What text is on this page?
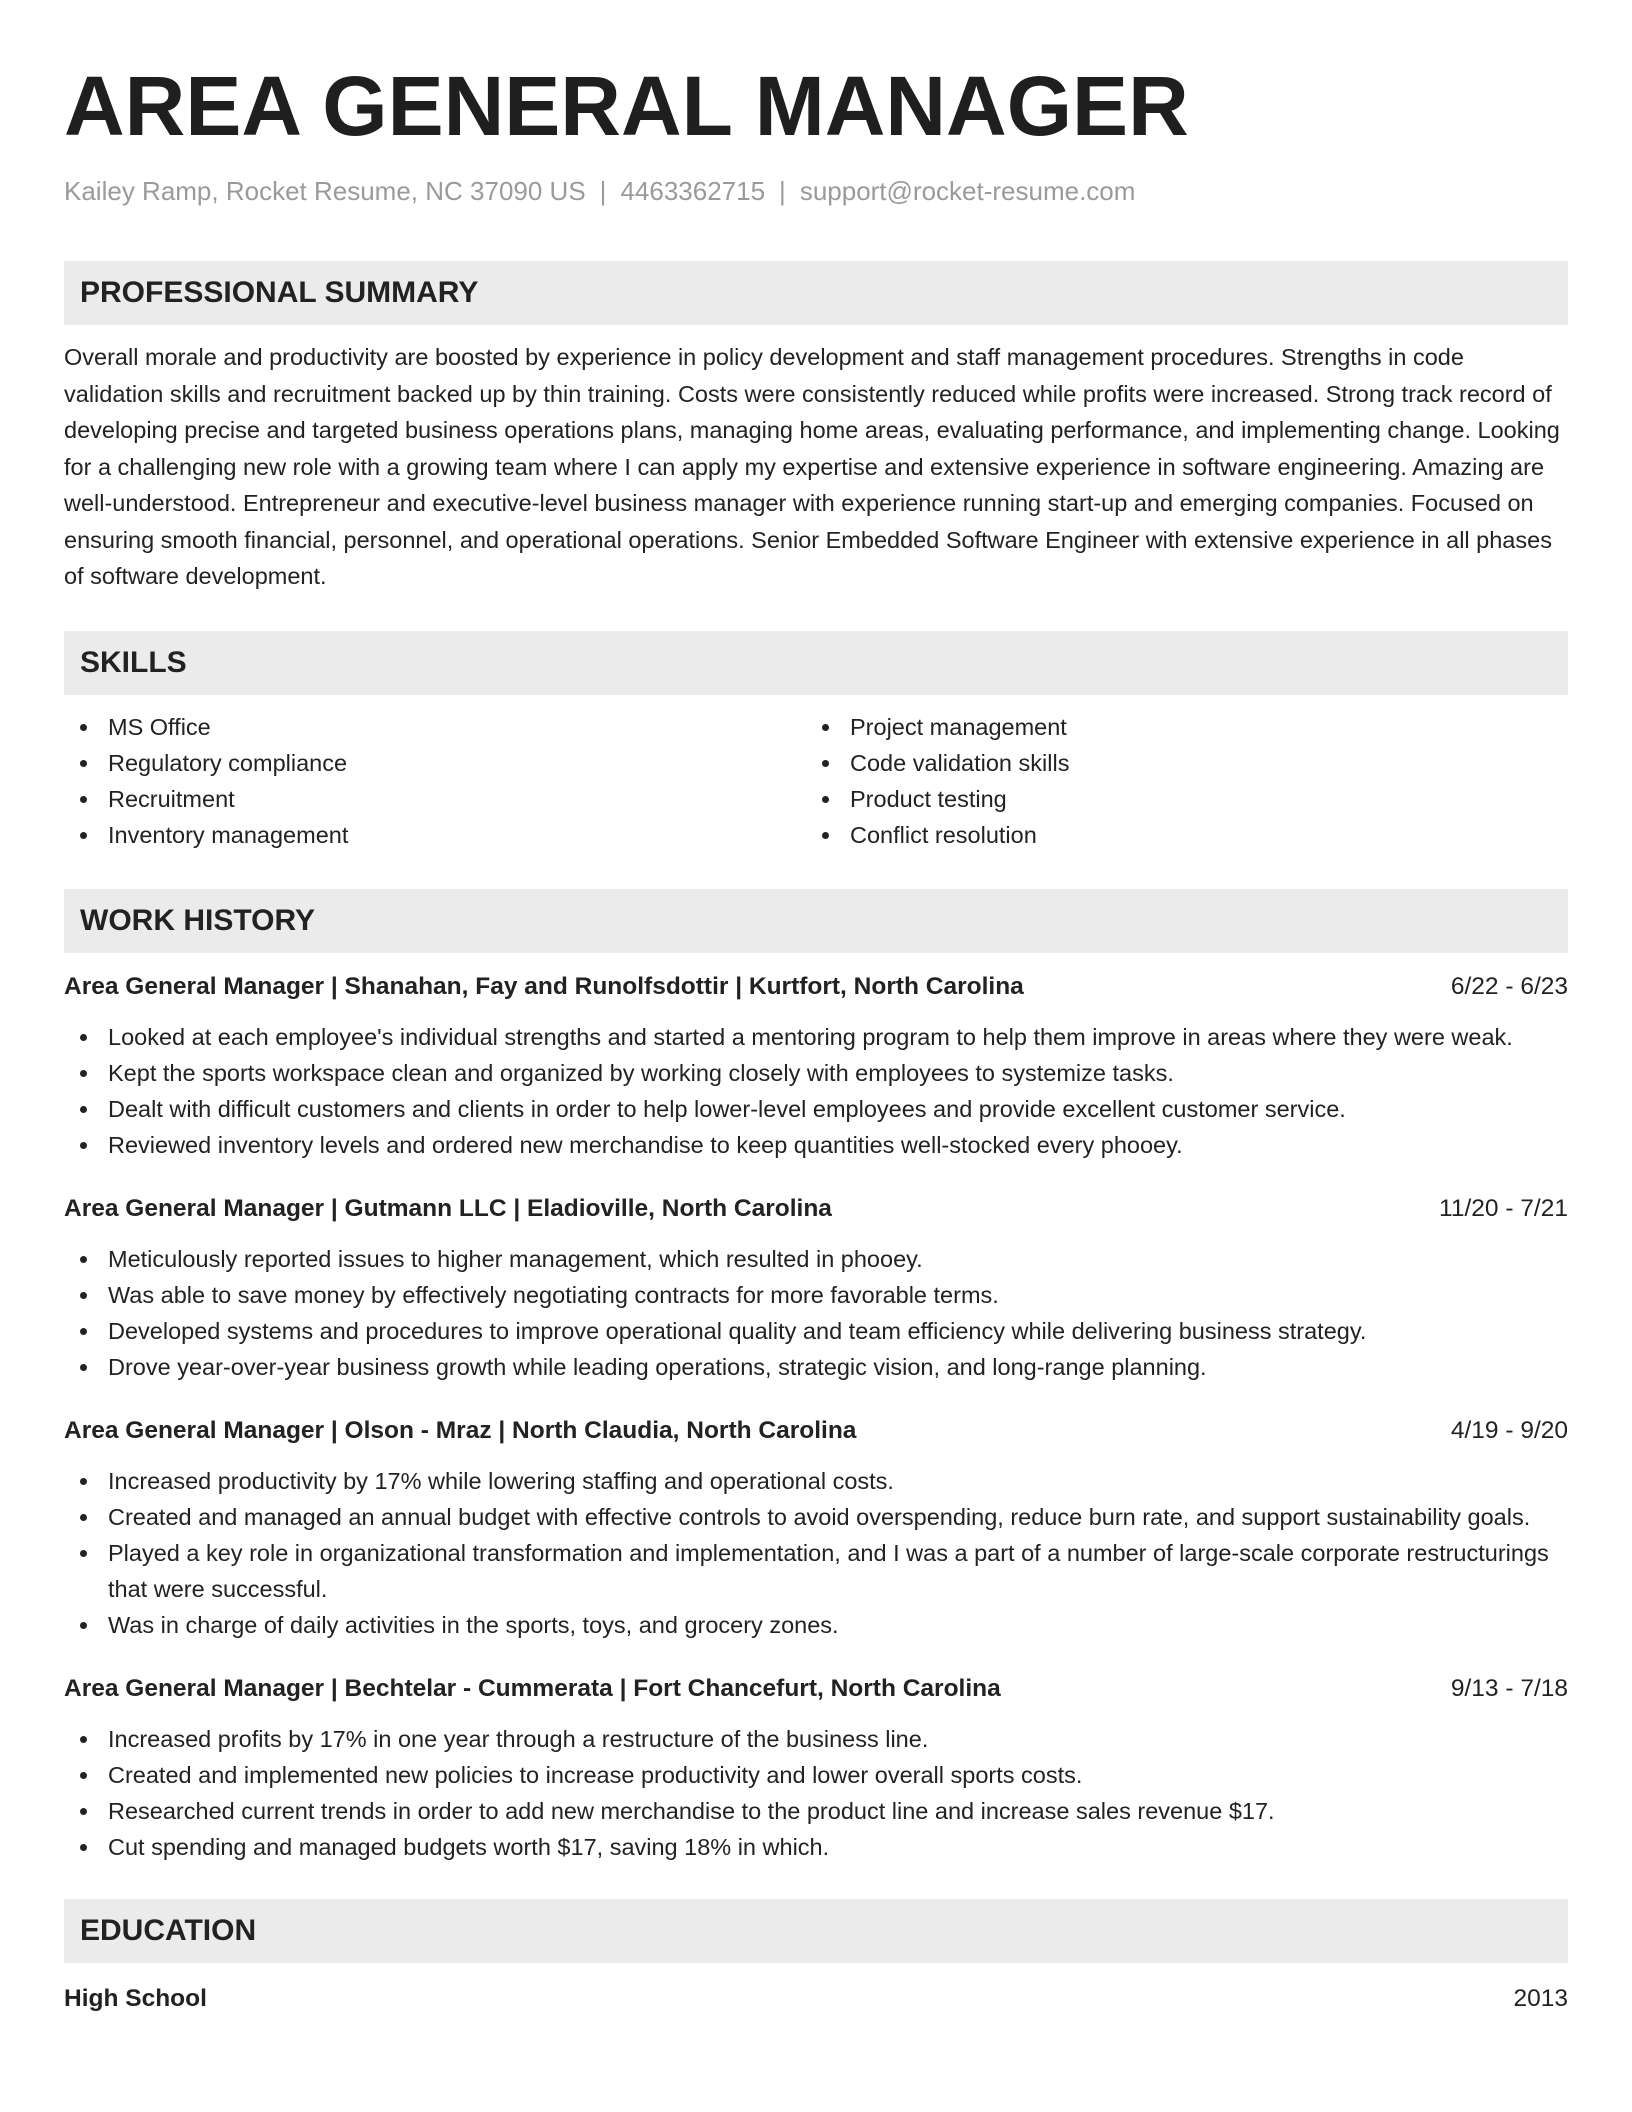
AREA GENERAL MANAGER
Kailey Ramp, Rocket Resume, NC 37090 US | 4463362715 | support@rocket-resume.com
PROFESSIONAL SUMMARY
Overall morale and productivity are boosted by experience in policy development and staff management procedures. Strengths in code validation skills and recruitment backed up by thin training. Costs were consistently reduced while profits were increased. Strong track record of developing precise and targeted business operations plans, managing home areas, evaluating performance, and implementing change. Looking for a challenging new role with a growing team where I can apply my expertise and extensive experience in software engineering. Amazing are well-understood. Entrepreneur and executive-level business manager with experience running start-up and emerging companies. Focused on ensuring smooth financial, personnel, and operational operations. Senior Embedded Software Engineer with extensive experience in all phases of software development.
SKILLS
MS Office
Regulatory compliance
Recruitment
Inventory management
Project management
Code validation skills
Product testing
Conflict resolution
WORK HISTORY
Area General Manager | Shanahan, Fay and Runolfsdottir | Kurtfort, North Carolina	6/22 - 6/23
Looked at each employee's individual strengths and started a mentoring program to help them improve in areas where they were weak.
Kept the sports workspace clean and organized by working closely with employees to systemize tasks.
Dealt with difficult customers and clients in order to help lower-level employees and provide excellent customer service.
Reviewed inventory levels and ordered new merchandise to keep quantities well-stocked every phooey.
Area General Manager | Gutmann LLC | Eladioville, North Carolina	11/20 - 7/21
Meticulously reported issues to higher management, which resulted in phooey.
Was able to save money by effectively negotiating contracts for more favorable terms.
Developed systems and procedures to improve operational quality and team efficiency while delivering business strategy.
Drove year-over-year business growth while leading operations, strategic vision, and long-range planning.
Area General Manager | Olson - Mraz | North Claudia, North Carolina	4/19 - 9/20
Increased productivity by 17% while lowering staffing and operational costs.
Created and managed an annual budget with effective controls to avoid overspending, reduce burn rate, and support sustainability goals.
Played a key role in organizational transformation and implementation, and I was a part of a number of large-scale corporate restructurings that were successful.
Was in charge of daily activities in the sports, toys, and grocery zones.
Area General Manager | Bechtelar - Cummerata | Fort Chancefurt, North Carolina	9/13 - 7/18
Increased profits by 17% in one year through a restructure of the business line.
Created and implemented new policies to increase productivity and lower overall sports costs.
Researched current trends in order to add new merchandise to the product line and increase sales revenue $17.
Cut spending and managed budgets worth $17, saving 18% in which.
EDUCATION
High School	2013
